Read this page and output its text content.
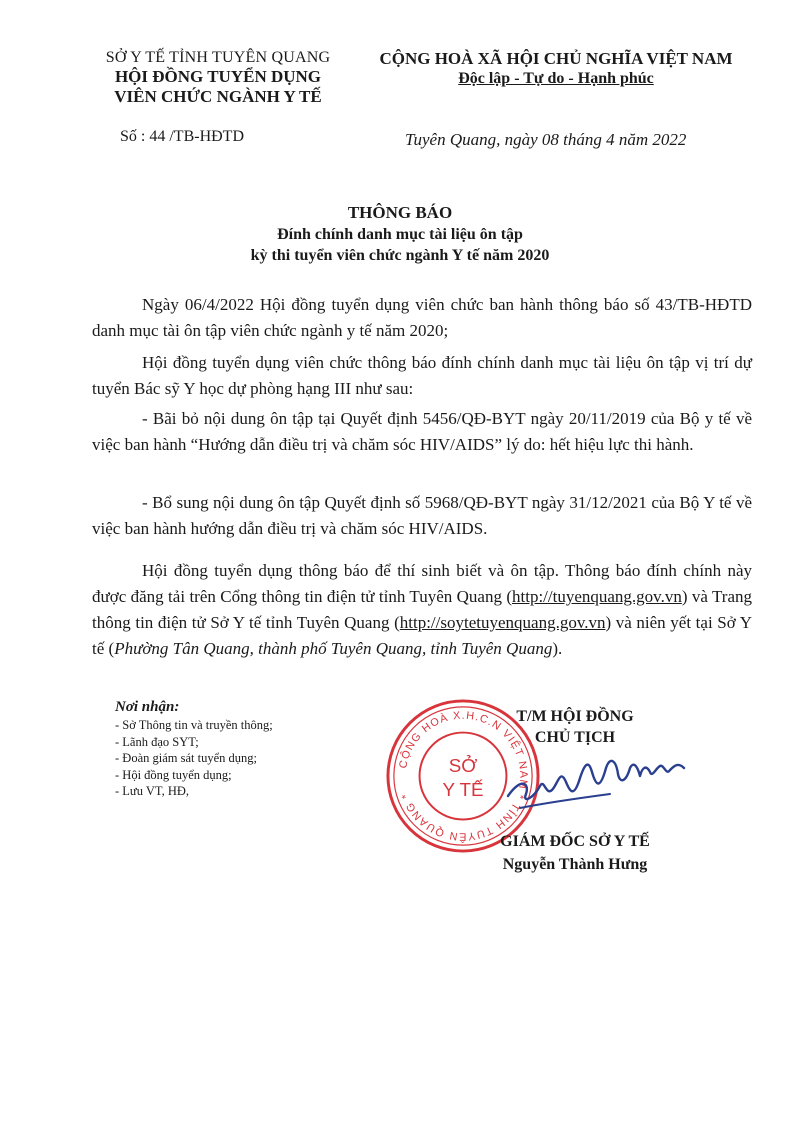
SỞ Y TẾ TỈNH TUYÊN QUANG
HỘI ĐỒNG TUYỂN DỤNG
VIÊN CHỨC NGÀNH Y TẾ
CỘNG HOÀ XÃ HỘI CHỦ NGHĨA VIỆT NAM
Độc lập - Tự do - Hạnh phúc
Số : 44 /TB-HĐTD	Tuyên Quang, ngày 08 tháng 4 năm 2022
THÔNG BÁO
Đính chính danh mục tài liệu ôn tập
kỳ thi tuyển viên chức ngành Y tế năm 2020

Ngày 06/4/2022 Hội đồng tuyển dụng viên chức ban hành thông báo số 43/TB-HĐTD danh mục tài ôn tập viên chức ngành y tế năm 2020;

Hội đồng tuyển dụng viên chức thông báo đính chính danh mục tài liệu ôn tập vị trí dự tuyển Bác sỹ Y học dự phòng hạng III như sau:

- Bãi bỏ nội dung ôn tập tại Quyết định 5456/QĐ-BYT ngày 20/11/2019 của Bộ y tế về việc ban hành “Hướng dẫn điều trị và chăm sóc HIV/AIDS” lý do: hết hiệu lực thi hành.

- Bổ sung nội dung ôn tập Quyết định số 5968/QĐ-BYT ngày 31/12/2021 của Bộ Y tế về việc ban hành hướng dẫn điều trị và chăm sóc HIV/AIDS.

Hội đồng tuyển dụng thông báo để thí sinh biết và ôn tập. Thông báo đính chính này được đăng tải trên Cổng thông tin điện tử tỉnh Tuyên Quang (http://tuyenquang.gov.vn) và Trang thông tin điện tử Sở Y tế tỉnh Tuyên Quang (http://soytetuyenquang.gov.vn) và niên yết tại Sở Y tế (Phường Tân Quang, thành phố Tuyên Quang, tỉnh Tuyên Quang).

Nơi nhận:
- Sở Thông tin và truyền thông;
- Lãnh đạo SYT;
- Đoàn giám sát tuyển dụng;
- Hội đồng tuyển dụng;
- Lưu VT, HĐ,
CỘNG HOÀ X.H.C.N VIỆT NAM * TỈNH TUYÊN QUANG *
SỞ
Y TẾ
T/M HỘI ĐỒNG
CHỦ TỊCH
GIÁM ĐỐC SỞ Y TẾ
Nguyễn Thành Hưng
